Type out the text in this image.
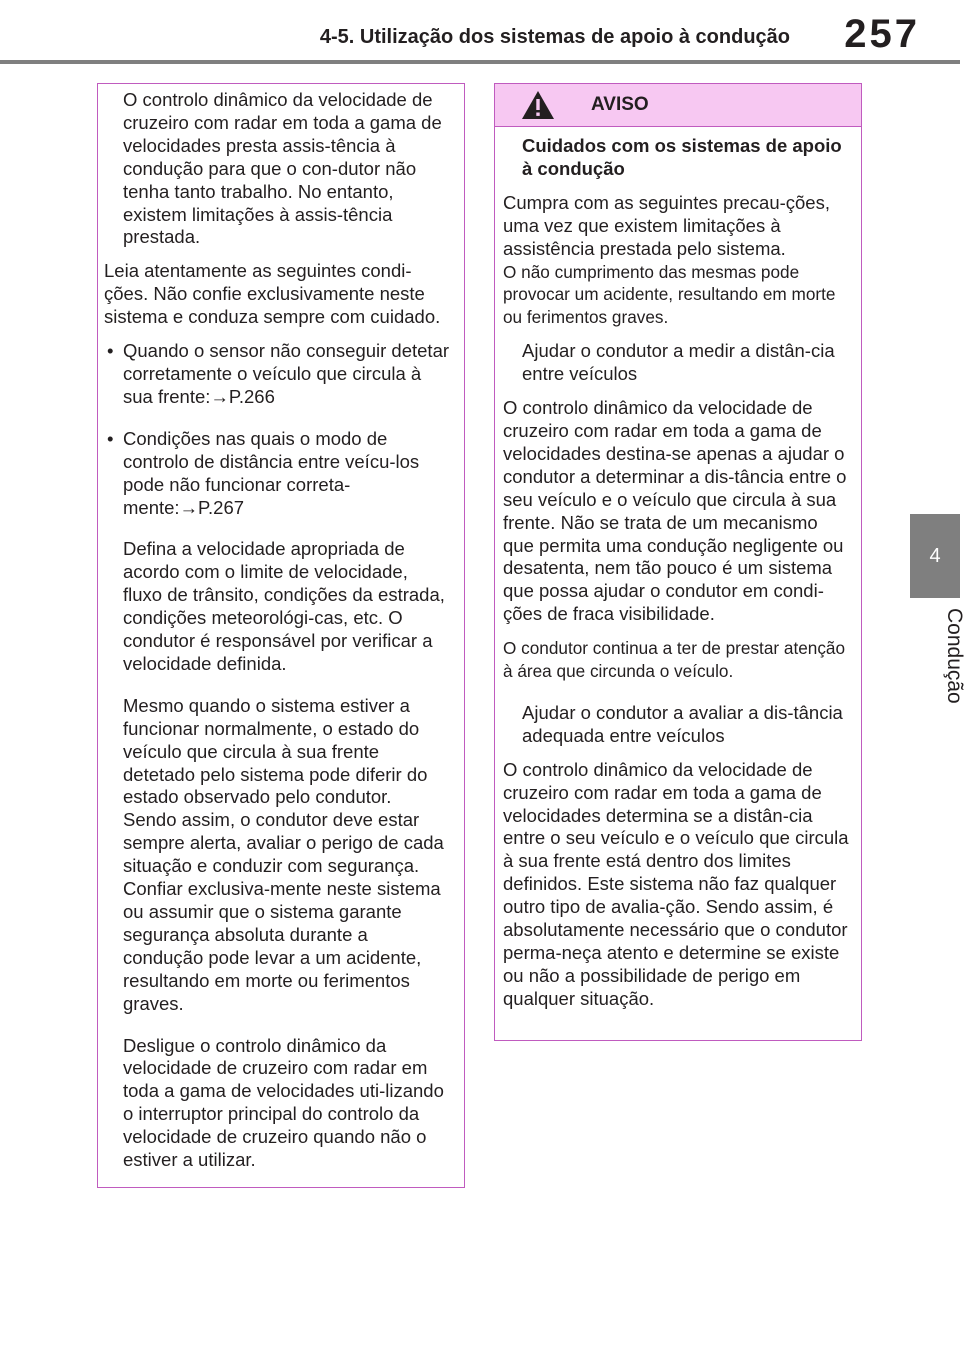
4-5. Utilização dos sistemas de apoio à condução	257
4
Condução

O controlo dinâmico da velocidade de cruzeiro com radar em toda a gama de velocidades presta assis-tência à condução para que o con-dutor não tenha tanto trabalho. No entanto, existem limitações à assis-tência prestada.

Leia atentamente as seguintes condi-ções. Não confie exclusivamente neste sistema e conduza sempre com cuidado.

• Quando o sensor não conseguir detetar corretamente o veículo que circula à sua frente:→P.266
• Condições nas quais o modo de controlo de distância entre veícu-los pode não funcionar correta-mente:→P.267

Defina a velocidade apropriada de acordo com o limite de velocidade, fluxo de trânsito, condições da estrada, condições meteorológi-cas, etc. O condutor é responsável por verificar a velocidade definida.

Mesmo quando o sistema estiver a funcionar normalmente, o estado do veículo que circula à sua frente detetado pelo sistema pode diferir do estado observado pelo condutor. Sendo assim, o condutor deve estar sempre alerta, avaliar o perigo de cada situação e conduzir com segurança. Confiar exclusiva-mente neste sistema ou assumir que o sistema garante segurança absoluta durante a condução pode levar a um acidente, resultando em morte ou ferimentos graves.

Desligue o controlo dinâmico da velocidade de cruzeiro com radar em toda a gama de velocidades uti-lizando o interruptor principal do controlo da velocidade de cruzeiro quando não o estiver a utilizar.

AVISO

Cuidados com os sistemas de apoio à condução

Cumpra com as seguintes precau-ções, uma vez que existem limitações à assistência prestada pelo sistema.

O não cumprimento das mesmas pode provocar um acidente, resultando em morte ou ferimentos graves.

Ajudar o condutor a medir a distân-cia entre veículos

O controlo dinâmico da velocidade de cruzeiro com radar em toda a gama de velocidades destina-se apenas a ajudar o condutor a determinar a dis-tância entre o seu veículo e o veículo que circula à sua frente. Não se trata de um mecanismo que permita uma condução negligente ou desatenta, nem tão pouco é um sistema que possa ajudar o condutor em condi-ções de fraca visibilidade.

O condutor continua a ter de prestar atenção à área que circunda o veículo.

Ajudar o condutor a avaliar a dis-tância adequada entre veículos

O controlo dinâmico da velocidade de cruzeiro com radar em toda a gama de velocidades determina se a distân-cia entre o seu veículo e o veículo que circula à sua frente está dentro dos limites definidos. Este sistema não faz qualquer outro tipo de avalia-ção. Sendo assim, é absolutamente necessário que o condutor perma-neça atento e determine se existe ou não a possibilidade de perigo em qualquer situação.
